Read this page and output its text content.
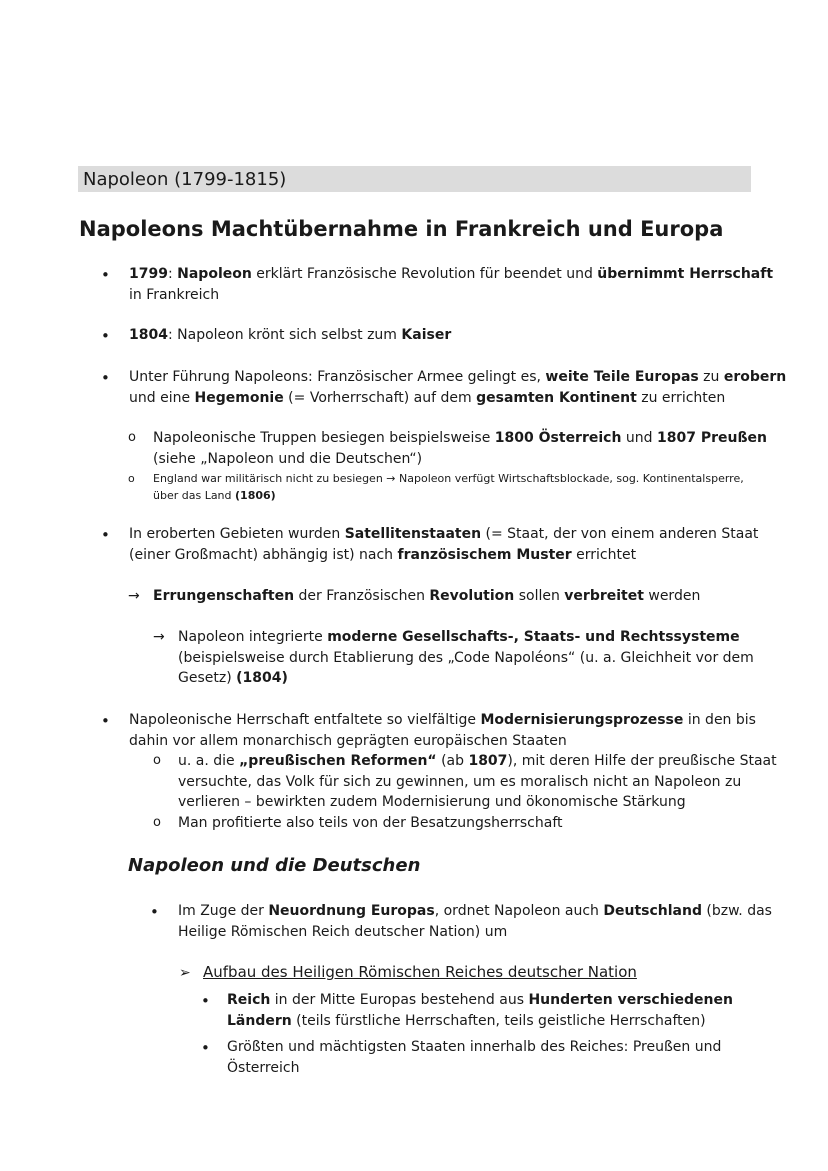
Napoleon (1799-1815)
Napoleons Machtübernahme in Frankreich und Europa
• 1799: Napoleon erklärt Französische Revolution für beendet und übernimmt Herrschaft
in Frankreich
• 1804: Napoleon krönt sich selbst zum Kaiser
• Unter Führung Napoleons: Französischer Armee gelingt es, weite Teile Europas zu erobern
und eine Hegemonie (= Vorherrschaft) auf dem gesamten Kontinent zu errichten
o Napoleonische Truppen besiegen beispielsweise 1800 Österreich und 1807 Preußen
(siehe „Napoleon und die Deutschen“)
o England war militärisch nicht zu besiegen → Napoleon verfügt Wirtschaftsblockade, sog. Kontinentalsperre,
über das Land (1806)
• In eroberten Gebieten wurden Satellitenstaaten (= Staat, der von einem anderen Staat
(einer Großmacht) abhängig ist) nach französischem Muster errichtet
→ Errungenschaften der Französischen Revolution sollen verbreitet werden
→ Napoleon integrierte moderne Gesellschafts-, Staats- und Rechtssysteme
(beispielsweise durch Etablierung des „Code Napoléons“ (u. a. Gleichheit vor dem
Gesetz) (1804)
• Napoleonische Herrschaft entfaltete so vielfältige Modernisierungsprozesse in den bis
dahin vor allem monarchisch geprägten europäischen Staaten
o u. a. die „preußischen Reformen“ (ab 1807), mit deren Hilfe der preußische Staat
versuchte, das Volk für sich zu gewinnen, um es moralisch nicht an Napoleon zu
verlieren – bewirkten zudem Modernisierung und ökonomische Stärkung
o Man profitierte also teils von der Besatzungsherrschaft
Napoleon und die Deutschen
• Im Zuge der Neuordnung Europas, ordnet Napoleon auch Deutschland (bzw. das
Heilige Römischen Reich deutscher Nation) um
➢ Aufbau des Heiligen Römischen Reiches deutscher Nation
• Reich in der Mitte Europas bestehend aus Hunderten verschiedenen
Ländern (teils fürstliche Herrschaften, teils geistliche Herrschaften)
• Größten und mächtigsten Staaten innerhalb des Reiches: Preußen und
Österreich
